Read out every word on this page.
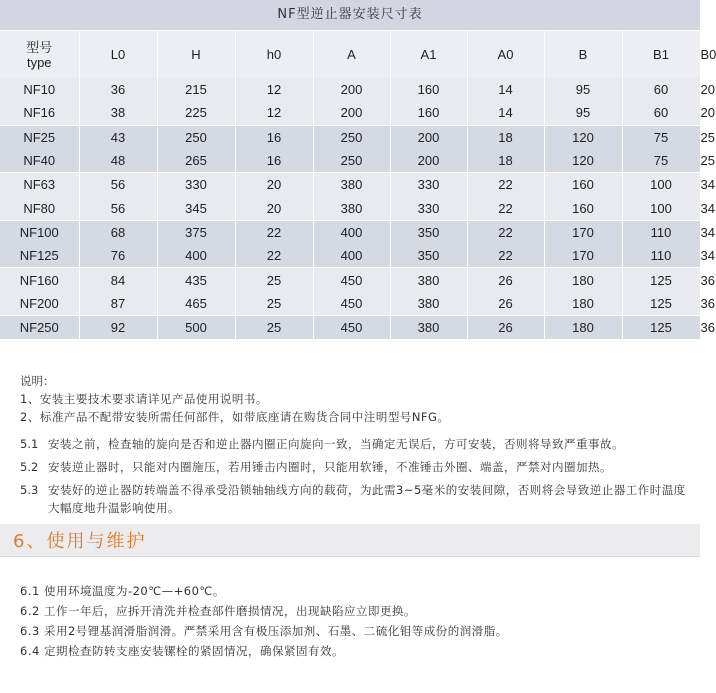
NF型逆止器安装尺寸表
型号
type	L0	H	h0	A	A1	A0	B	B1	B0	
NF10	36	215	12	200	160	14	95	60	20	
NF16	38	225	12	200	160	14	95	60	20	
NF25	43	250	16	250	200	18	120	75	25	
NF40	48	265	16	250	200	18	120	75	25	
NF63	56	330	20	380	330	22	160	100	34	
NF80	56	345	20	380	330	22	160	100	34	
NF100	68	375	22	400	350	22	170	110	34	
NF125	76	400	22	400	350	22	170	110	34	
NF160	84	435	25	450	380	26	180	125	36	
NF200	87	465	25	450	380	26	180	125	36	
NF250	92	500	25	450	380	26	180	125	36	

说明：

1、安装主要技术要求请详见产品使用说明书。

2、标准产品不配带安装所需任何部件，如带底座请在购货合同中注明型号NFG。

5.1 安装之前，检查轴的旋向是否和逆止器内圈正向旋向一致，当确定无误后，方可安装，否则将导致严重事故。
5.2 安装逆止器时，只能对内圈施压，若用锤击内圈时，只能用软锤，不准锤击外圈、端盖，严禁对内圈加热。
5.3 安装好的逆止器防转端盖不得承受沿锁轴轴线方向的载荷，为此需3~5毫米的安装间隙，否则将会导致逆止器工作时温度大幅度地升温影响使用。
6、使用与维护

6.1 使用环境温度为-20℃—+60℃。

6.2 工作一年后，应拆开清洗并检查部件磨损情况，出现缺陷应立即更换。

6.3 采用2号锂基润滑脂润滑。严禁采用含有极压添加剂、石墨、二硫化钼等成份的润滑脂。

6.4 定期检查防转支座安装镙栓的紧固情况，确保紧固有效。
